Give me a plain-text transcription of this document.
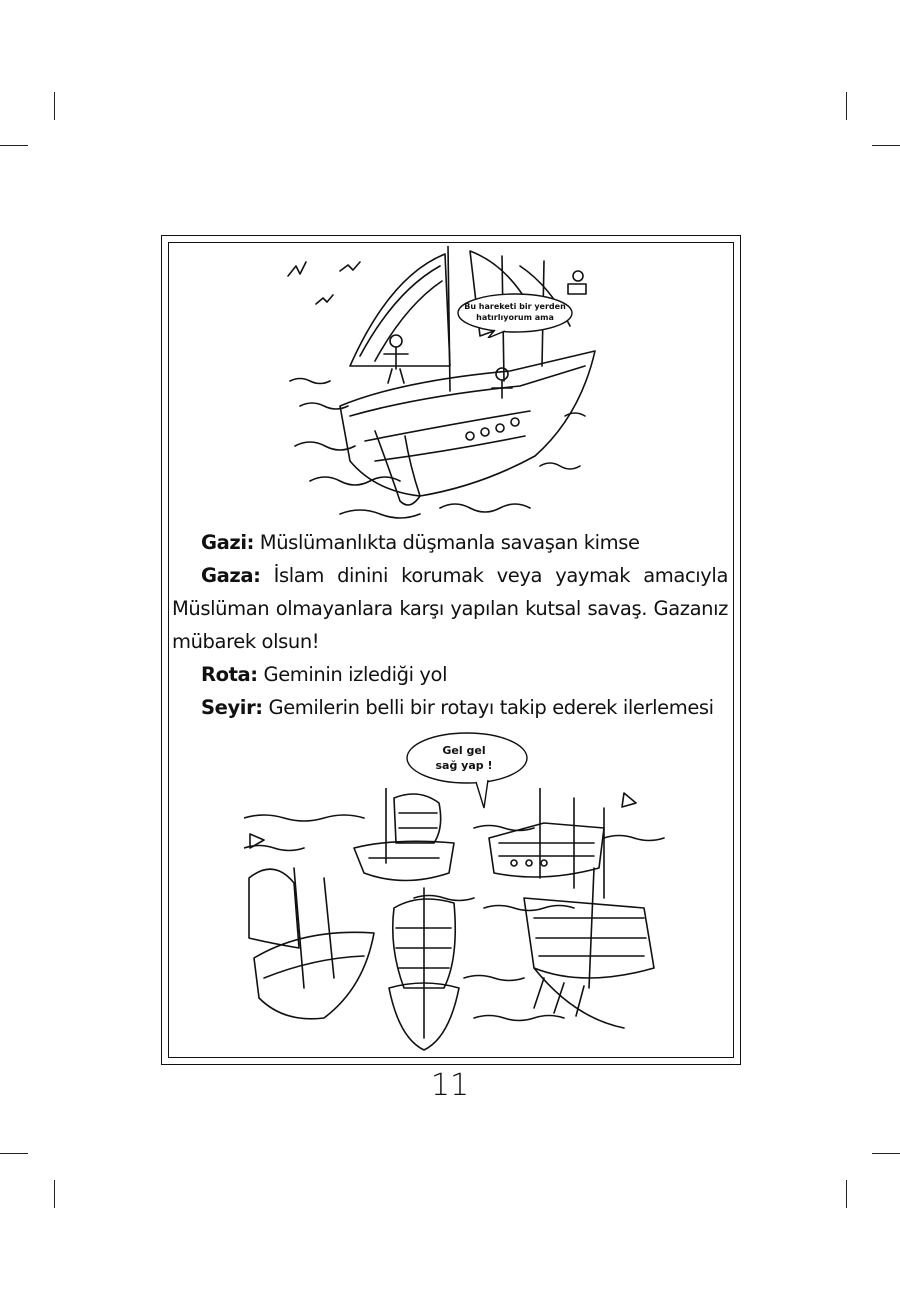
Bu hareketi bir yerden
hatırlıyorum ama

Gazi: Müslümanlıkta düşmanla savaşan kimse

Gaza: İslam dinini korumak veya yaymak amacıyla Müslüman olmayanlara karşı yapılan kutsal savaş. Gazanız mübarek olsun!

Rota: Geminin izlediği yol

Seyir: Gemilerin belli bir rotayı takip ederek ilerlemesi

Gel gel
sağ yap !
11
